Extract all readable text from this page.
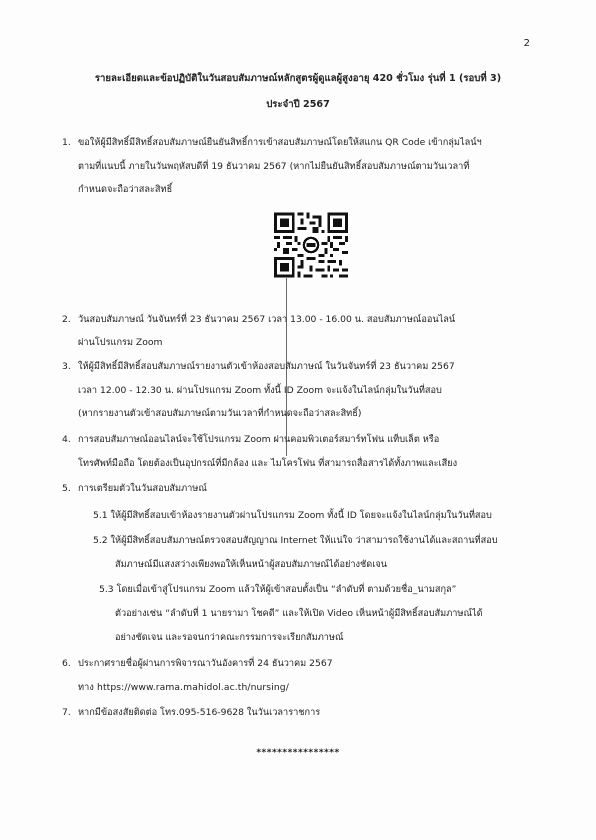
2
รายละเอียดและข้อปฏิบัติในวันสอบสัมภาษณ์หลักสูตรผู้ดูแลผู้สูงอายุ 420 ชั่วโมง รุ่นที่ 1 (รอบที่ 3)
ประจำปี 2567
1. ขอให้ผู้มีสิทธิ์มีสิทธิ์สอบสัมภาษณ์ยืนยันสิทธิ์การเข้าสอบสัมภาษณ์โดยให้สแกน QR Code เข้ากลุ่มไลน์ฯ
ตามที่แนบนี้ ภายในวันพฤหัสบดีที่ 19 ธันวาคม 2567 (หากไม่ยืนยันสิทธิ์สอบสัมภาษณ์ตามวันเวลาที่
กำหนดจะถือว่าสละสิทธิ์
2. วันสอบสัมภาษณ์ วันจันทร์ที่ 23 ธันวาคม 2567 เวลา 13.00 - 16.00 น. สอบสัมภาษณ์ออนไลน์
ผ่านโปรแกรม Zoom
3. ให้ผู้มีสิทธิ์มีสิทธิ์สอบสัมภาษณ์รายงานตัวเข้าห้องสอบสัมภาษณ์ ในวันจันทร์ที่ 23 ธันวาคม 2567
เวลา 12.00 - 12.30 น. ผ่านโปรแกรม Zoom ทั้งนี้ ID Zoom จะแจ้งในไลน์กลุ่มในวันที่สอบ
(หากรายงานตัวเข้าสอบสัมภาษณ์ตามวันเวลาที่กำหนดจะถือว่าสละสิทธิ์)
4. การสอบสัมภาษณ์ออนไลน์จะใช้โปรแกรม Zoom ผ่านคอมพิวเตอร์สมาร์ทโฟน แท็บเล็ต หรือ
โทรศัพท์มือถือ โดยต้องเป็นอุปกรณ์ที่มีกล้อง และ ไมโครโฟน ที่สามารถสื่อสารได้ทั้งภาพและเสียง
5. การเตรียมตัวในวันสอบสัมภาษณ์
5.1 ให้ผู้มีสิทธิ์สอบเข้าห้องรายงานตัวผ่านโปรแกรม Zoom ทั้งนี้ ID โดยจะแจ้งในไลน์กลุ่มในวันที่สอบ
5.2 ให้ผู้มีสิทธิ์สอบสัมภาษณ์ตรวจสอบสัญญาณ Internet ให้แน่ใจ ว่าสามารถใช้งานได้และสถานที่สอบ
สัมภาษณ์มีแสงสว่างเพียงพอให้เห็นหน้าผู้สอบสัมภาษณ์ได้อย่างชัดเจน
5.3 โดยเมื่อเข้าสู่โปรแกรม Zoom แล้วให้ผู้เข้าสอบตั้งเป็น “ลำดับที่ ตามด้วยชื่อ_นามสกุล”
ตัวอย่างเช่น “ลำดับที่ 1 นายรามา โชคดี” และให้เปิด Video เห็นหน้าผู้มีสิทธิ์สอบสัมภาษณ์ได้
อย่างชัดเจน และรอจนกว่าคณะกรรมการจะเรียกสัมภาษณ์
6. ประกาศรายชื่อผู้ผ่านการพิจารณาวันอังคารที่ 24 ธันวาคม 2567
ทาง https://www.rama.mahidol.ac.th/nursing/
7. หากมีข้อสงสัยติดต่อ โทร.095-516-9628 ในวันเวลาราชการ
****************
